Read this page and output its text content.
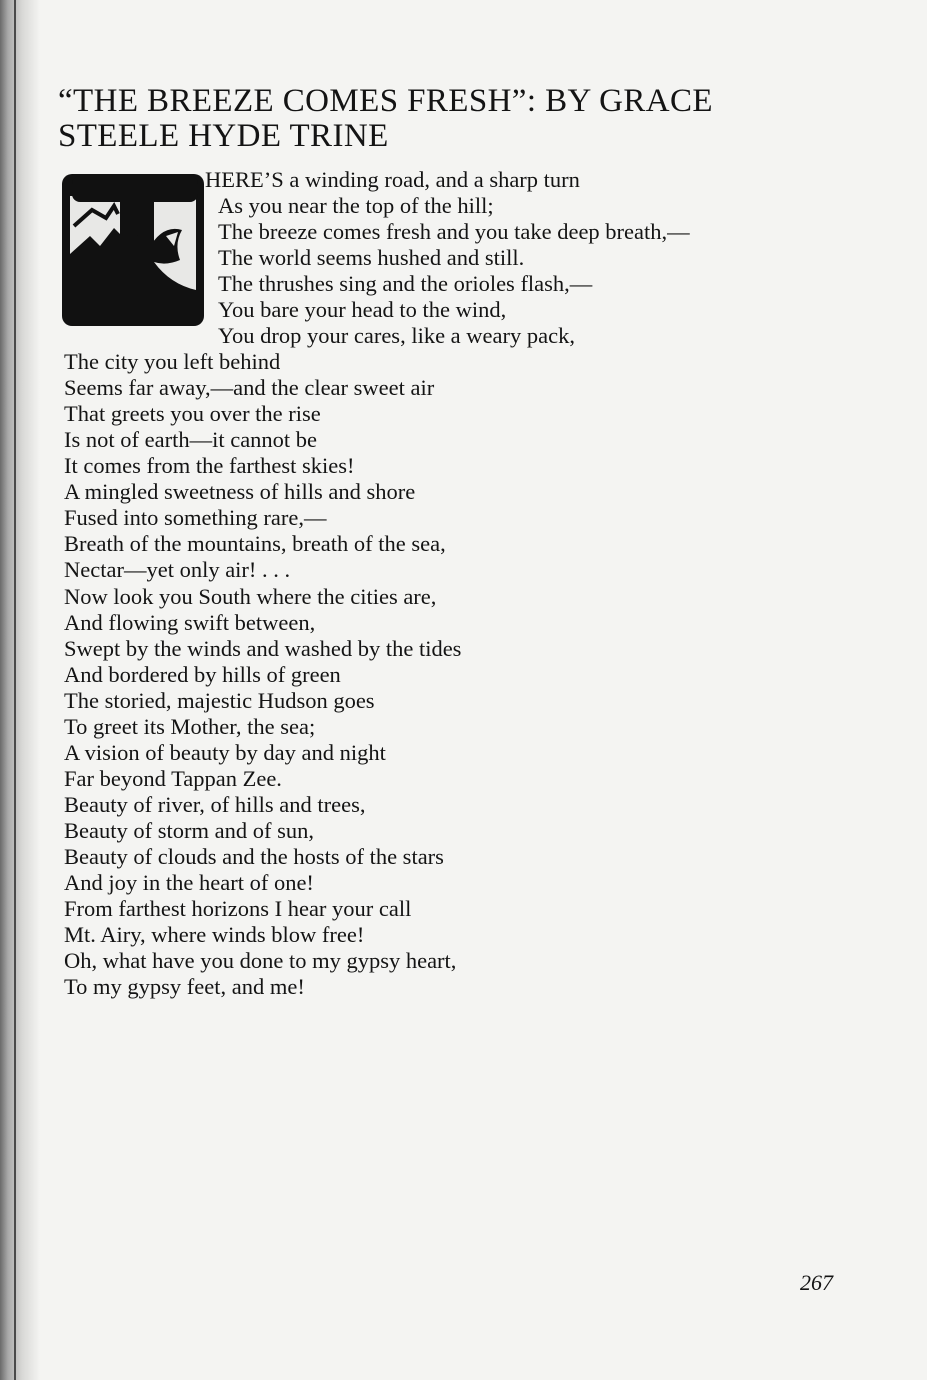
“THE BREEZE COMES FRESH”: BY GRACE
STEELE HYDE TRINE
T
HERE’S a winding road, and a sharp turn
As you near the top of the hill;
The breeze comes fresh and you take deep breath,—
The world seems hushed and still.
The thrushes sing and the orioles flash,—
You bare your head to the wind,
You drop your cares, like a weary pack,
The city you left behind
Seems far away,—and the clear sweet air
That greets you over the rise
Is not of earth—it cannot be
It comes from the farthest skies!
A mingled sweetness of hills and shore
Fused into something rare,—
Breath of the mountains, breath of the sea,
Nectar—yet only air! . . .
Now look you South where the cities are,
And flowing swift between,
Swept by the winds and washed by the tides
And bordered by hills of green
The storied, majestic Hudson goes
To greet its Mother, the sea;
A vision of beauty by day and night
Far beyond Tappan Zee.
Beauty of river, of hills and trees,
Beauty of storm and of sun,
Beauty of clouds and the hosts of the stars
And joy in the heart of one!
From farthest horizons I hear your call
Mt. Airy, where winds blow free!
Oh, what have you done to my gypsy heart,
To my gypsy feet, and me!
267
